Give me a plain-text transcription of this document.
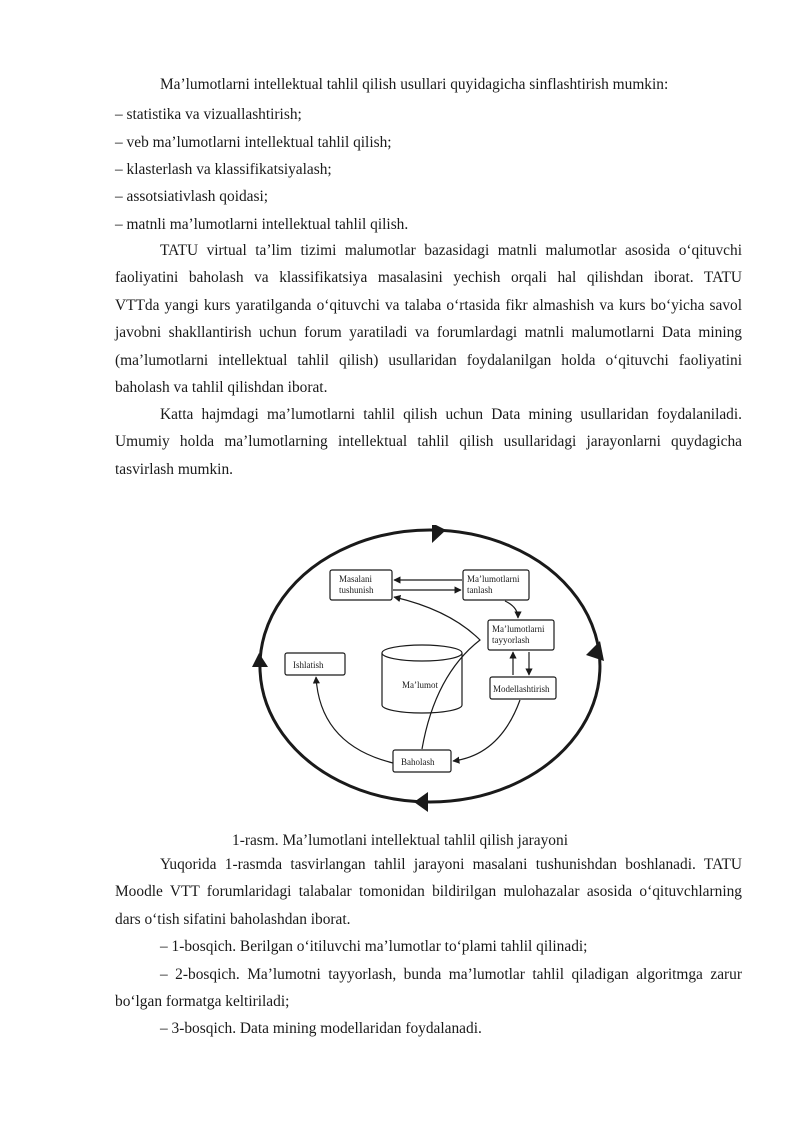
Ma’lumotlarni intellektual tahlil qilish usullari quyidagicha sinflashtirish mumkin:
– statistika va vizuallashtirish;
– veb ma’lumotlarni intellektual tahlil qilish;
– klasterlash va klassifikatsiyalash;
– assotsiativlash qoidasi;
– matnli ma’lumotlarni intellektual tahlil qilish.
TATU virtual ta’lim tizimi malumotlar bazasidagi matnli malumotlar asosida o‘qituvchi
faoliyatini baholash va klassifikatsiya masalasini yechish orqali hal qilishdan iborat. TATU
VTTda yangi kurs yaratilganda o‘qituvchi va talaba o‘rtasida fikr almashish va kurs bo‘yicha savol
javobni shakllantirish uchun forum yaratiladi va forumlardagi matnli malumotlarni Data mining
(ma’lumotlarni intellektual tahlil qilish) usullaridan foydalanilgan holda o‘qituvchi faoliyatini
baholash va tahlil qilishdan iborat.
Katta hajmdagi ma’lumotlarni tahlil qilish uchun Data mining usullaridan foydalaniladi.
Umumiy holda ma’lumotlarning intellektual tahlil qilish usullaridagi jarayonlarni quydagicha
tasvirlash mumkin.
Masalani
tushunish
Ma’lumotlarni
tanlash
Ma’lumotlarni
tayyorlash
Modellashtirish
Ishlatish
Baholash
Ma’lumot
1-rasm. Ma’lumotlani intellektual tahlil qilish jarayoni
Yuqorida 1-rasmda tasvirlangan tahlil jarayoni masalani tushunishdan boshlanadi. TATU
Moodle VTT forumlaridagi talabalar tomonidan bildirilgan mulohazalar asosida o‘qituvchlarning
dars o‘tish sifatini baholashdan iborat.
– 1-bosqich. Berilgan o‘itiluvchi ma’lumotlar to‘plami tahlil qilinadi;
– 2-bosqich. Ma’lumotni tayyorlash, bunda ma’lumotlar tahlil qiladigan algoritmga zarur
bo‘lgan formatga keltiriladi;
– 3-bosqich. Data mining modellaridan foydalanadi.
